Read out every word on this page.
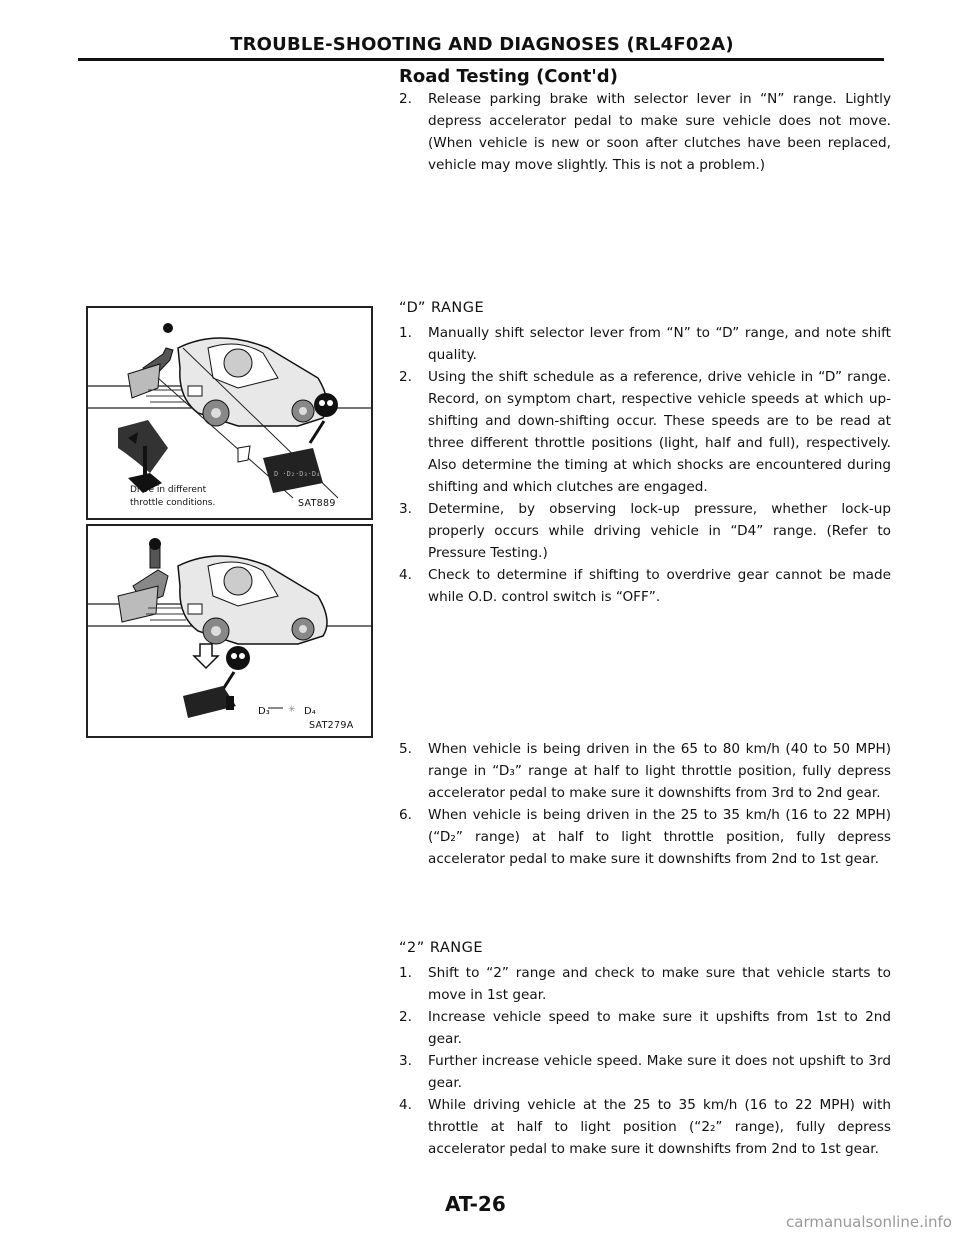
TROUBLE-SHOOTING AND DIAGNOSES (RL4F02A)
Road Testing (Cont'd)
2. Release parking brake with selector lever in “N” range. Lightly depress accelerator pedal to make sure vehicle does not move. (When vehicle is new or soon after clutches have been replaced, vehicle may move slightly. This is not a problem.)
“D” RANGE
1. Manually shift selector lever from “N” to “D” range, and note shift quality.
2. Using the shift schedule as a reference, drive vehicle in “D” range. Record, on symptom chart, respective vehicle speeds at which up-shifting and down-shifting occur. These speeds are to be read at three different throttle positions (light, half and full), respectively. Also determine the timing at which shocks are encountered during shifting and which clutches are engaged.
3. Determine, by observing lock-up pressure, whether lock-up properly occurs while driving vehicle in “D4” range. (Refer to Pressure Testing.)
4. Check to determine if shifting to overdrive gear cannot be made while O.D. control switch is “OFF”.
5. When vehicle is being driven in the 65 to 80 km/h (40 to 50 MPH) range in “D₃” range at half to light throttle position, fully depress accelerator pedal to make sure it downshifts from 3rd to 2nd gear.
6. When vehicle is being driven in the 25 to 35 km/h (16 to 22 MPH) (“D₂” range) at half to light throttle position, fully depress accelerator pedal to make sure it downshifts from 2nd to 1st gear.
“2” RANGE
1. Shift to “2” range and check to make sure that vehicle starts to move in 1st gear.
2. Increase vehicle speed to make sure it upshifts from 1st to 2nd gear.
3. Further increase vehicle speed. Make sure it does not upshift to 3rd gear.
4. While driving vehicle at the 25 to 35 km/h (16 to 22 MPH) with throttle at half to light position (“2₂” range), fully depress accelerator pedal to make sure it downshifts from 2nd to 1st gear.
D ·D₂·D₃·D₄
Drive in different
throttle conditions.	SAT889
✳
D₃	D₄
SAT279A
AT-26
carmanualsonline.info
